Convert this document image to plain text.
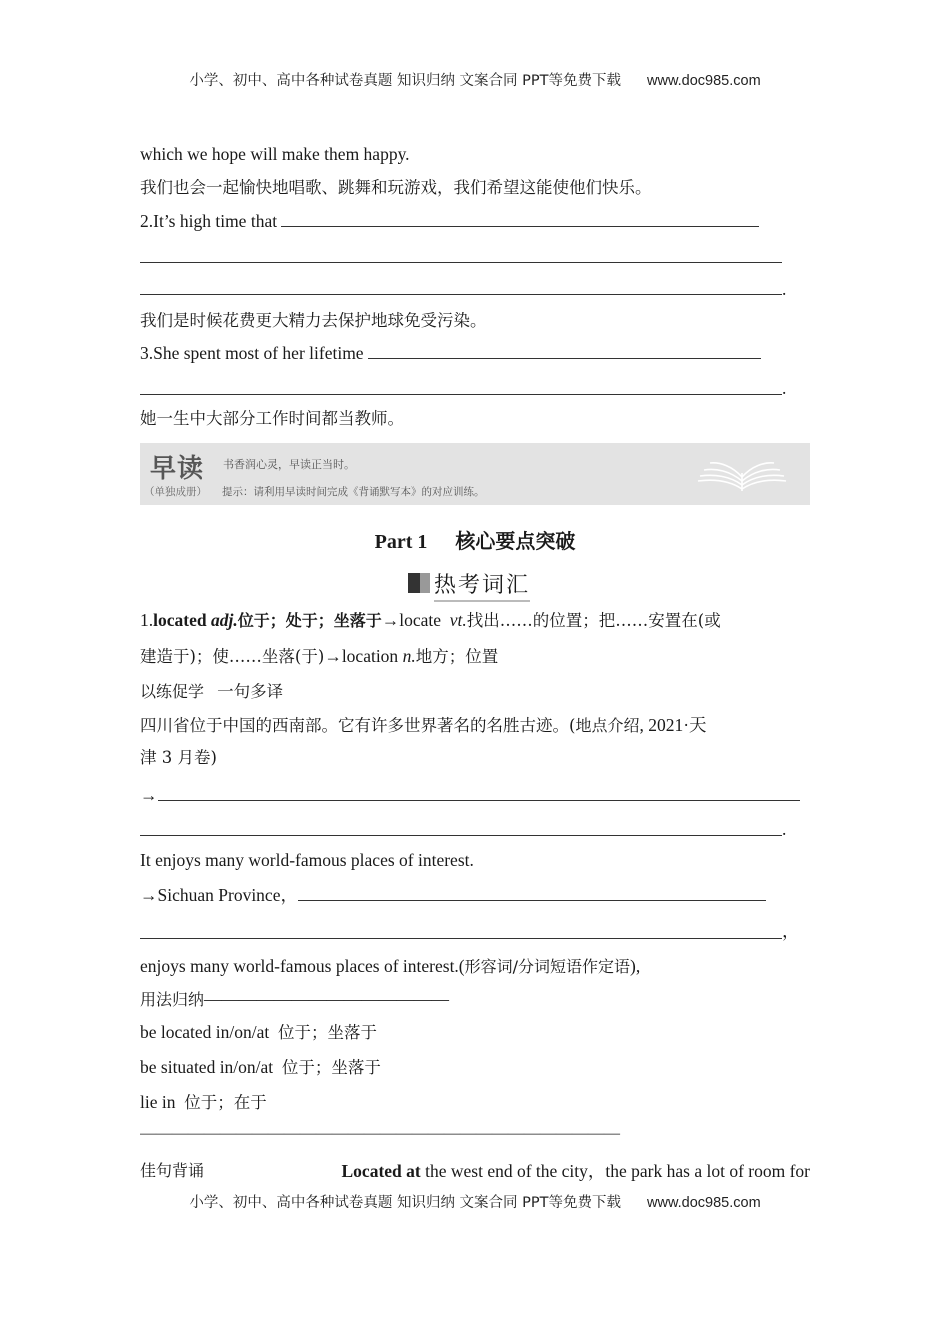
小学、初中、高中各种试卷真题 知识归纳 文案合同 PPT等免费下载 www.doc985.com
which we hope will make them happy.
我们也会一起愉快地唱歌、跳舞和玩游戏，我们希望这能使他们快乐。
2.It’s high time that
.
我们是时候花费更大精力去保护地球免受污染。
3.She spent most of her lifetime
.
她一生中大部分工作时间都当教师。
早读 书香润心灵，早读正当时。
（单独成册） 提示：请利用早读时间完成《背诵默写本》的对应训练。
Part 1 核心要点突破
热考词汇
1.located adj.位于；处于；坐落于→locate vt.找出……的位置；把……安置在(或
建造于)；使……坐落(于)→location n.地方；位置
以练促学 一句多译
四川省位于中国的西南部。它有许多世界著名的名胜古迹。(地点介绍, 2021·天
津 3 月卷)
→
.
It enjoys many world-famous places of interest.
→Sichuan Province，
，
enjoys many world-famous places of interest.(形容词/分词短语作定语),
用法归纳——————————————
be located in/on/at 位于；坐落于
be situated in/on/at 位于；坐落于
lie in 位于；在于
——————————————————————————————
佳句背诵	Located at the west end of the city，the park has a lot of room for
小学、初中、高中各种试卷真题 知识归纳 文案合同 PPT等免费下载 www.doc985.com
